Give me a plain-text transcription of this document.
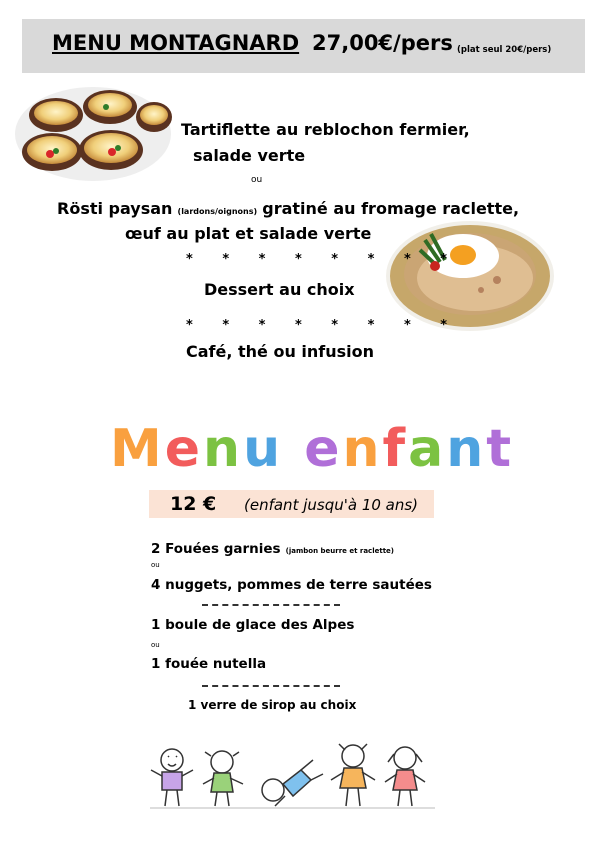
MENU MONTAGNARD 27,00€/pers (plat seul 20€/pers)
Tartiflette au reblochon fermier,
salade verte
ou
Rösti paysan (lardons/oignons) gratiné au fromage raclette,
œuf au plat et salade verte
* * * * * * * *
Dessert au choix
* * * * * * * *
Café, thé ou infusion
Menu enfant
12 € (enfant jusqu'à 10 ans)
2 Fouées garnies (jambon beurre et raclette)
ou
4 nuggets, pommes de terre sautées
1 boule de glace des Alpes
ou
1 fouée nutella
1 verre de sirop au choix
